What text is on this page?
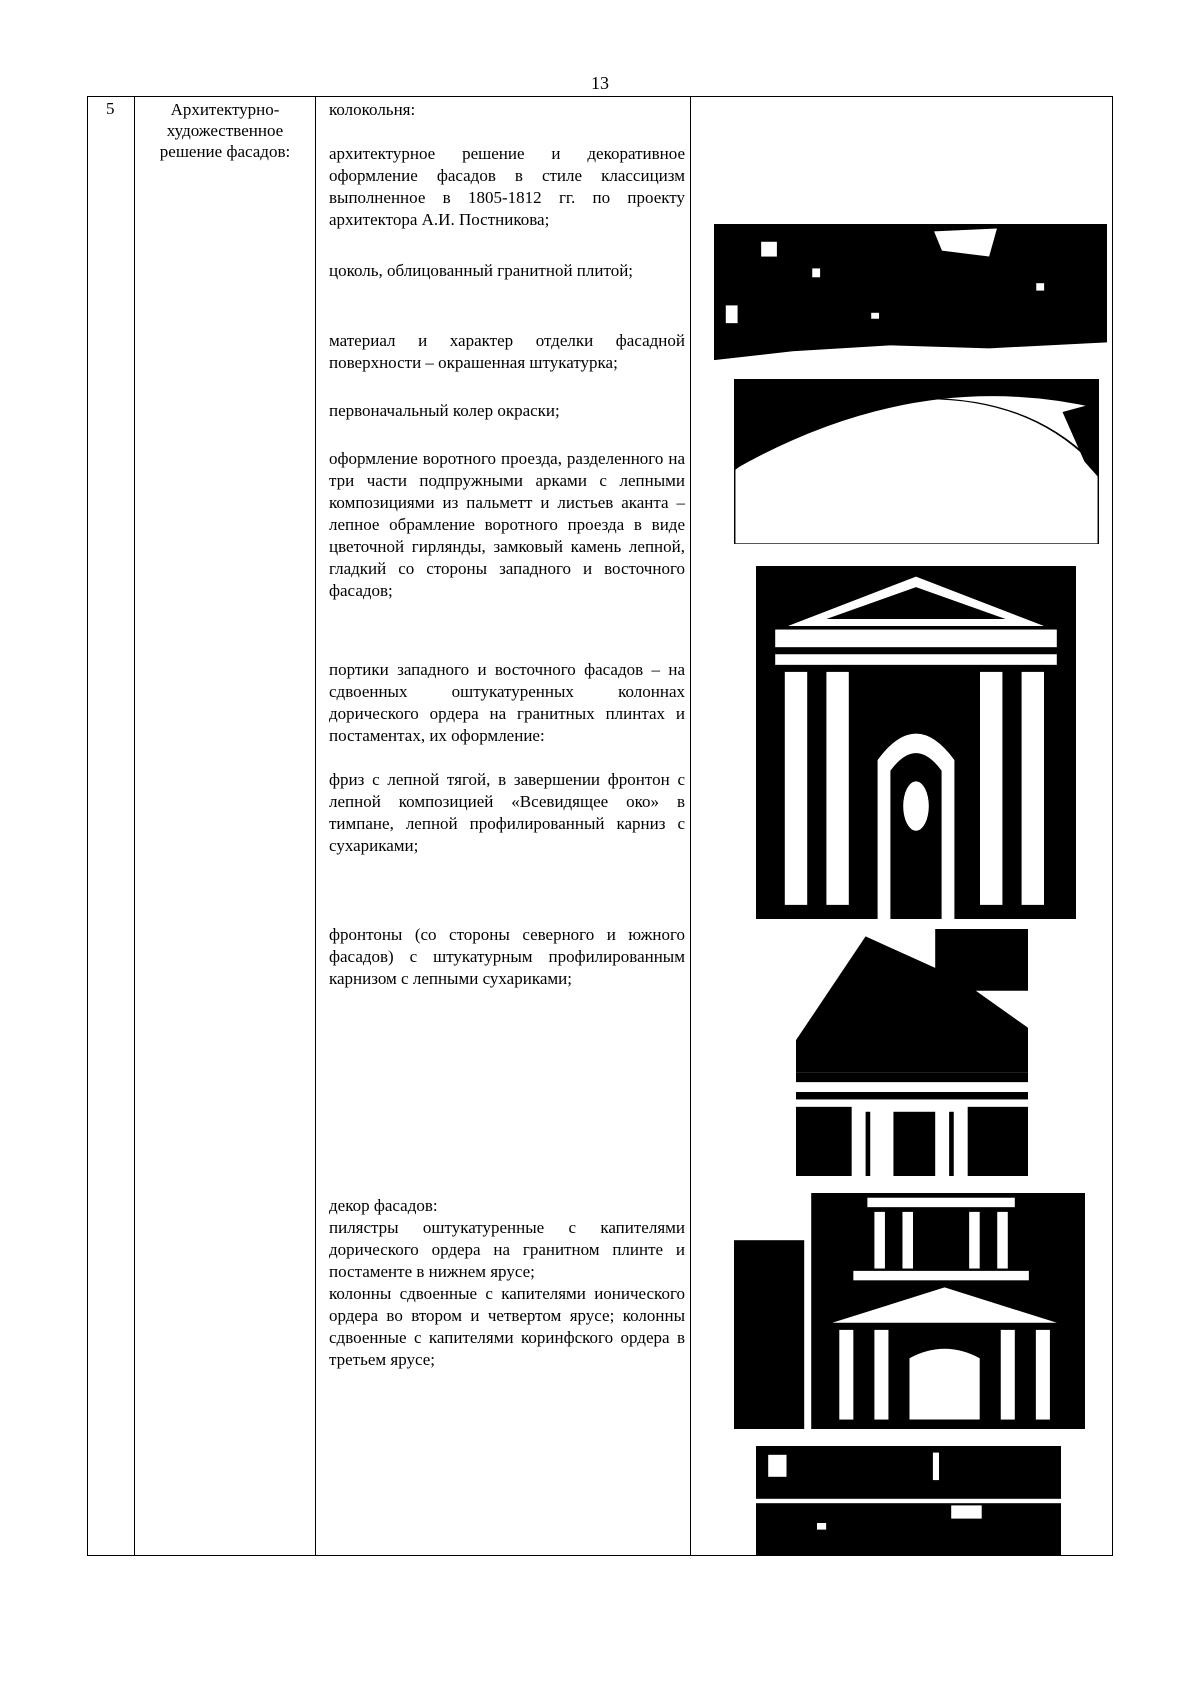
13
5	Архитектурно-художественное решение фасадов:

колокольня:

архитектурное решение и декоративное оформление фасадов в стиле классицизм выполненное в 1805-1812 гг. по проекту архитектора А.И. Постникова;

цоколь, облицованный гранитной плитой;

материал и характер отделки фасадной поверхности – окрашенная штукатурка;

первоначальный колер окраски;

оформление воротного проезда, разделенного на три части подпружными арками с лепными композициями из пальметт и листьев аканта – лепное обрамление воротного проезда в виде цветочной гирлянды, замковый камень лепной, гладкий со стороны западного и восточного фасадов;

портики западного и восточного фасадов – на сдвоенных оштукатуренных колоннах дорического ордера на гранитных плинтах и постаментах, их оформление:

фриз с лепной тягой, в завершении фронтон с лепной композицией «Всевидящее око» в тимпане, лепной профилированный карниз с сухариками;

фронтоны (со стороны северного и южного фасадов) с штукатурным профилированным карнизом с лепными сухариками;

декор фасадов:

пилястры оштукатуренные с капителями дорического ордера на гранитном плинте и постаменте в нижнем ярусе;

колонны сдвоенные с капителями ионического ордера во втором и четвертом ярусе; колонны сдвоенные с капителями коринфского ордера в третьем ярусе;
